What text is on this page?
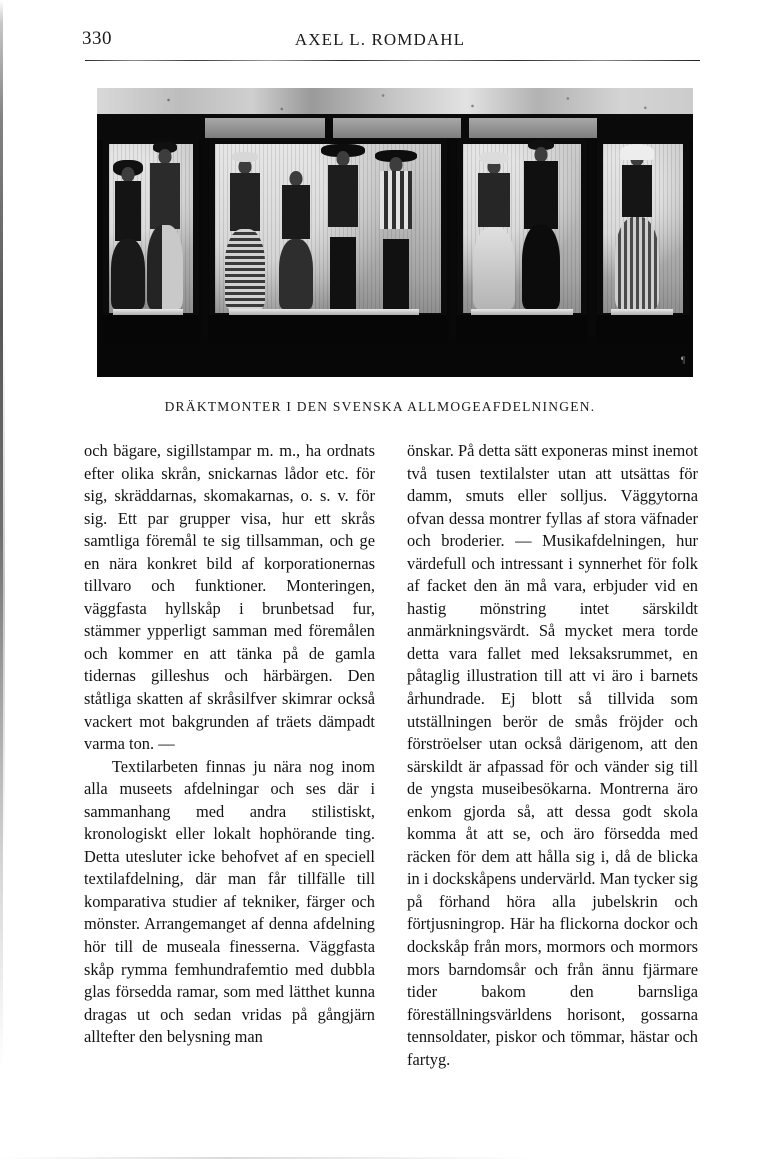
330	AXEL L. ROMDAHL
¶
DRÄKTMONTER I DEN SVENSKA ALLMOGEAFDELNINGEN.

och bägare, sigillstampar m. m., ha ordnats efter olika skrån, snickarnas lådor etc. för sig, skräddarnas, skomakarnas, o. s. v. för sig. Ett par grupper visa, hur ett skrås samtliga föremål te sig tillsamman, och ge en nära konkret bild af korporationernas tillvaro och funktioner. Monteringen, väggfasta hyllskåp i brunbetsad fur, stämmer ypperligt samman med föremålen och kommer en att tänka på de gamla tidernas gilleshus och härbärgen. Den ståtliga skatten af skråsilfver skimrar också vackert mot bakgrunden af träets dämpadt varma ton. —

Textilarbeten finnas ju nära nog inom alla museets afdelningar och ses där i sammanhang med andra stilistiskt, kronologiskt eller lokalt hophörande ting. Detta utesluter icke behofvet af en speciell textilafdelning, där man får tillfälle till komparativa studier af tekniker, färger och mönster. Arrangemanget af denna afdelning hör till de museala finesserna. Väggfasta skåp rymma femhundrafemtio med dubbla glas försedda ramar, som med lätthet kunna dragas ut och sedan vridas på gångjärn alltefter den belysning man

önskar. På detta sätt exponeras minst inemot två tusen textilalster utan att utsättas för damm, smuts eller solljus. Väggytorna ofvan dessa montrer fyllas af stora väfnader och broderier. — Musikafdelningen, hur värdefull och intressant i synnerhet för folk af facket den än må vara, erbjuder vid en hastig mönstring intet särskildt anmärkningsvärdt. Så mycket mera torde detta vara fallet med leksaksrummet, en påtaglig illustration till att vi äro i barnets århundrade. Ej blott så tillvida som utställningen berör de smås fröjder och förströelser utan också därigenom, att den särskildt är afpassad för och vänder sig till de yngsta museibesökarna. Montrerna äro enkom gjorda så, att dessa godt skola komma åt att se, och äro försedda med räcken för dem att hålla sig i, då de blicka in i dockskåpens undervärld. Man tycker sig på förhand höra alla jubelskrin och förtjusningrop. Här ha flickorna dockor och dockskåp från mors, mormors och mormors mors barndomsår och från ännu fjärmare tider bakom den barnsliga föreställningsvärldens horisont, gossarna tennsoldater, piskor och tömmar, hästar och fartyg.
